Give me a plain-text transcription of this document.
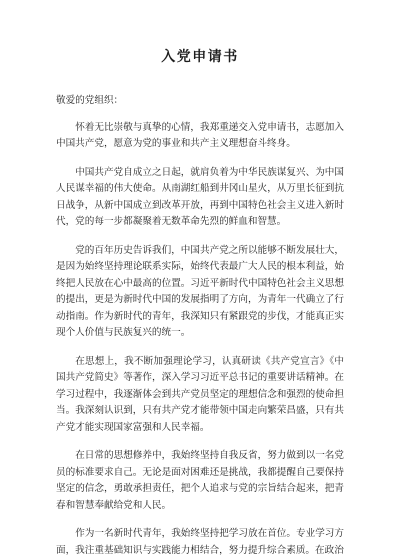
入党申请书

敬爱的党组织：

怀着无比崇敬与真挚的心情，我郑重递交入党申请书，志愿加入中国共产党，愿意为党的事业和共产主义理想奋斗终身。

中国共产党自成立之日起，就肩负着为中华民族谋复兴、为中国人民谋幸福的伟大使命。从南湖红船到井冈山星火，从万里长征到抗日战争，从新中国成立到改革开放，再到中国特色社会主义进入新时代，党的每一步都凝聚着无数革命先烈的鲜血和智慧。

党的百年历史告诉我们，中国共产党之所以能够不断发展壮大，是因为始终坚持理论联系实际，始终代表最广大人民的根本利益，始终把人民放在心中最高的位置。习近平新时代中国特色社会主义思想的提出，更是为新时代中国的发展指明了方向，为青年一代确立了行动指南。作为新时代的青年，我深知只有紧跟党的步伐，才能真正实现个人价值与民族复兴的统一。

在思想上，我不断加强理论学习，认真研读《共产党宣言》《中国共产党简史》等著作，深入学习习近平总书记的重要讲话精神。在学习过程中，我逐渐体会到共产党员坚定的理想信念和强烈的使命担当。我深刻认识到，只有共产党才能带领中国走向繁荣昌盛，只有共产党才能实现国家富强和人民幸福。

在日常的思想修养中，我始终坚持自我反省，努力做到以一名党员的标准要求自己。无论是面对困难还是挑战，我都提醒自己要保持坚定的信念，勇敢承担责任，把个人追求与党的宗旨结合起来，把青春和智慧奉献给党和人民。

作为一名新时代青年，我始终坚持把学习放在首位。专业学习方面，我注重基础知识与实践能力相结合，努力提升综合素质。在政治
